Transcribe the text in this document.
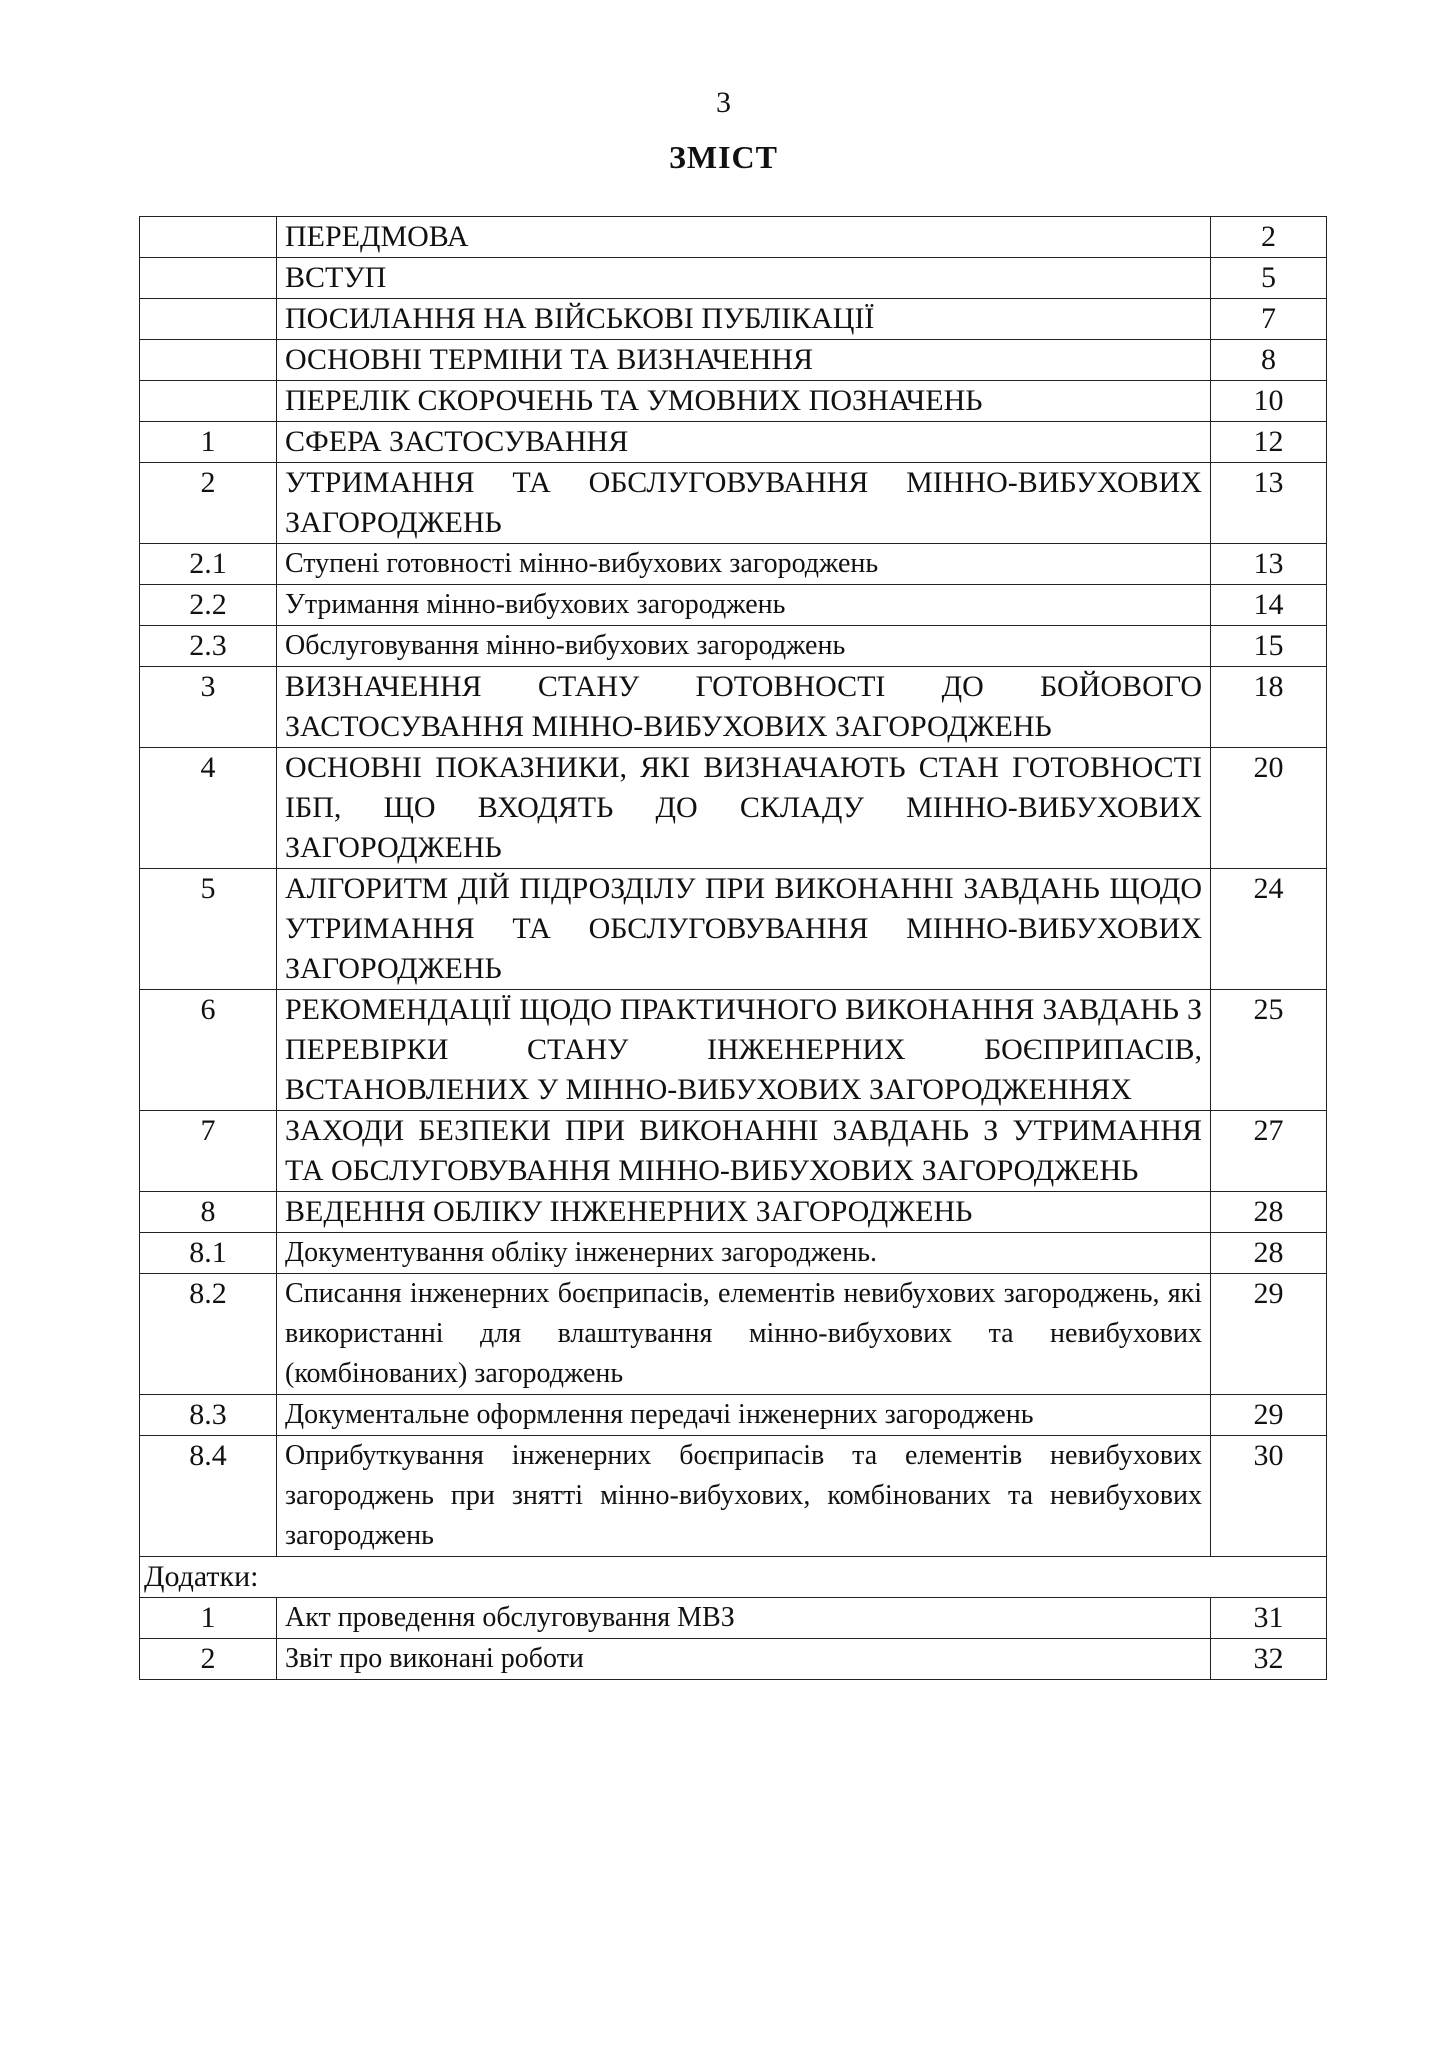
3
ЗМІСТ
	ПЕРЕДМОВА	2
	ВСТУП	5
	ПОСИЛАННЯ НА ВІЙСЬКОВІ ПУБЛІКАЦІЇ	7
	ОСНОВНІ ТЕРМІНИ ТА ВИЗНАЧЕННЯ	8
	ПЕРЕЛІК СКОРОЧЕНЬ ТА УМОВНИХ ПОЗНАЧЕНЬ	10
1	СФЕРА ЗАСТОСУВАННЯ	12
2	УТРИМАННЯ ТА ОБСЛУГОВУВАННЯ МІННО-ВИБУХОВИХ ЗАГОРОДЖЕНЬ	13
2.1	Ступені готовності мінно-вибухових загороджень	13
2.2	Утримання мінно-вибухових загороджень	14
2.3	Обслуговування мінно-вибухових загороджень	15
3	ВИЗНАЧЕННЯ СТАНУ ГОТОВНОСТІ ДО БОЙОВОГО ЗАСТОСУВАННЯ МІННО-ВИБУХОВИХ ЗАГОРОДЖЕНЬ	18
4	ОСНОВНІ ПОКАЗНИКИ, ЯКІ ВИЗНАЧАЮТЬ СТАН ГОТОВНОСТІ ІБП, ЩО ВХОДЯТЬ ДО СКЛАДУ МІННО-ВИБУХОВИХ ЗАГОРОДЖЕНЬ	20
5	АЛГОРИТМ ДІЙ ПІДРОЗДІЛУ ПРИ ВИКОНАННІ ЗАВДАНЬ ЩОДО УТРИМАННЯ ТА ОБСЛУГОВУВАННЯ МІННО-ВИБУХОВИХ ЗАГОРОДЖЕНЬ	24
6	РЕКОМЕНДАЦІЇ ЩОДО ПРАКТИЧНОГО ВИКОНАННЯ ЗАВДАНЬ З ПЕРЕВІРКИ СТАНУ ІНЖЕНЕРНИХ БОЄПРИПАСІВ, ВСТАНОВЛЕНИХ У МІННО-ВИБУХОВИХ ЗАГОРОДЖЕННЯХ	25
7	ЗАХОДИ БЕЗПЕКИ ПРИ ВИКОНАННІ ЗАВДАНЬ З УТРИМАННЯ ТА ОБСЛУГОВУВАННЯ МІННО-ВИБУХОВИХ ЗАГОРОДЖЕНЬ	27
8	ВЕДЕННЯ ОБЛІКУ ІНЖЕНЕРНИХ ЗАГОРОДЖЕНЬ	28
8.1	Документування обліку інженерних загороджень.	28
8.2	Списання інженерних боєприпасів, елементів невибухових загороджень, які використанні для влаштування мінно-вибухових та невибухових (комбінованих) загороджень	29
8.3	Документальне оформлення передачі інженерних загороджень	29
8.4	Оприбуткування інженерних боєприпасів та елементів невибухових загороджень при знятті мінно-вибухових, комбінованих та невибухових загороджень	30
Додатки:		
1	Акт проведення обслуговування МВЗ	31
2	Звіт про виконані роботи	32
